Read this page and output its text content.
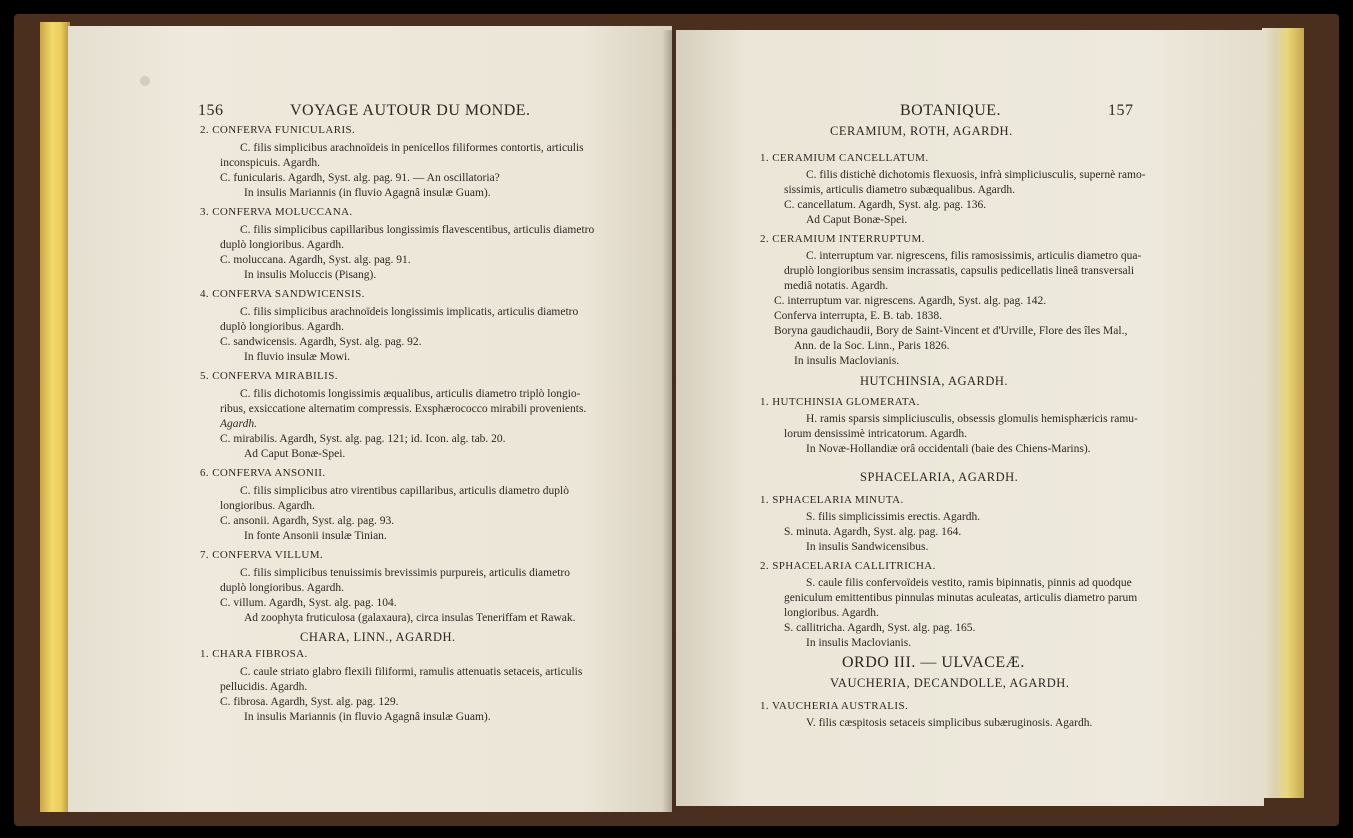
156	VOYAGE AUTOUR DU MONDE.
2. CONFERVA FUNICULARIS.
C. filis simplicibus arachnoïdeis in penicellos filiformes contortis, articulis
inconspicuis. Agardh.
C. funicularis. Agardh, Syst. alg. pag. 91. — An oscillatoria?
In insulis Mariannis (in fluvio Agagnâ insulæ Guam).
3. CONFERVA MOLUCCANA.
C. filis simplicibus capillaribus longissimis flavescentibus, articulis diametro
duplò longioribus. Agardh.
C. moluccana. Agardh, Syst. alg. pag. 91.
In insulis Moluccis (Pisang).
4. CONFERVA SANDWICENSIS.
C. filis simplicibus arachnoïdeis longissimis implicatis, articulis diametro
duplò longioribus. Agardh.
C. sandwicensis. Agardh, Syst. alg. pag. 92.
In fluvio insulæ Mowi.
5. CONFERVA MIRABILIS.
C. filis dichotomis longissimis æqualibus, articulis diametro triplò longio-
ribus, exsiccatione alternatim compressis. Exsphærococco mirabili provenients.
Agardh.
C. mirabilis. Agardh, Syst. alg. pag. 121; id. Icon. alg. tab. 20.
Ad Caput Bonæ-Spei.
6. CONFERVA ANSONII.
C. filis simplicibus atro virentibus capillaribus, articulis diametro duplò
longioribus. Agardh.
C. ansonii. Agardh, Syst. alg. pag. 93.
In fonte Ansonii insulæ Tinian.
7. CONFERVA VILLUM.
C. filis simplicibus tenuissimis brevissimis purpureis, articulis diametro
duplò longioribus. Agardh.
C. villum. Agardh, Syst. alg. pag. 104.
Ad zoophyta fruticulosa (galaxaura), circa insulas Teneriffam et Rawak.
CHARA, LINN., AGARDH.
1. CHARA FIBROSA.
C. caule striato glabro flexili filiformi, ramulis attenuatis setaceis, articulis
pellucidis. Agardh.
C. fibrosa. Agardh, Syst. alg. pag. 129.
In insulis Mariannis (in fluvio Agagnâ insulæ Guam).
BOTANIQUE.	157
CERAMIUM, ROTH, AGARDH.
1. CERAMIUM CANCELLATUM.
C. filis distichè dichotomis flexuosis, infrà simpliciusculis, supernè ramo-
sissimis, articulis diametro subæqualibus. Agardh.
C. cancellatum. Agardh, Syst. alg. pag. 136.
Ad Caput Bonæ-Spei.
2. CERAMIUM INTERRUPTUM.
C. interruptum var. nigrescens, filis ramosissimis, articulis diametro qua-
druplò longioribus sensim incrassatis, capsulis pedicellatis lineâ transversali
mediâ notatis. Agardh.
C. interruptum var. nigrescens. Agardh, Syst. alg. pag. 142.
Conferva interrupta, E. B. tab. 1838.
Boryna gaudichaudii, Bory de Saint-Vincent et d'Urville, Flore des îles Mal.,
Ann. de la Soc. Linn., Paris 1826.
In insulis Maclovianis.
HUTCHINSIA, AGARDH.
1. HUTCHINSIA GLOMERATA.
H. ramis sparsis simpliciusculis, obsessis glomulis hemisphæricis ramu-
lorum densissimè intricatorum. Agardh.
In Novæ-Hollandiæ orâ occidentali (baie des Chiens-Marins).
SPHACELARIA, AGARDH.
1. SPHACELARIA MINUTA.
S. filis simplicissimis erectis. Agardh.
S. minuta. Agardh, Syst. alg. pag. 164.
In insulis Sandwicensibus.
2. SPHACELARIA CALLITRICHA.
S. caule filis confervoïdeis vestito, ramis bipinnatis, pinnis ad quodque
geniculum emittentibus pinnulas minutas aculeatas, articulis diametro parum
longioribus. Agardh.
S. callitricha. Agardh, Syst. alg. pag. 165.
In insulis Maclovianis.
ORDO III. — ULVACEÆ.
VAUCHERIA, DECANDOLLE, AGARDH.
1. VAUCHERIA AUSTRALIS.
V. filis cæspitosis setaceis simplicibus subæruginosis. Agardh.
